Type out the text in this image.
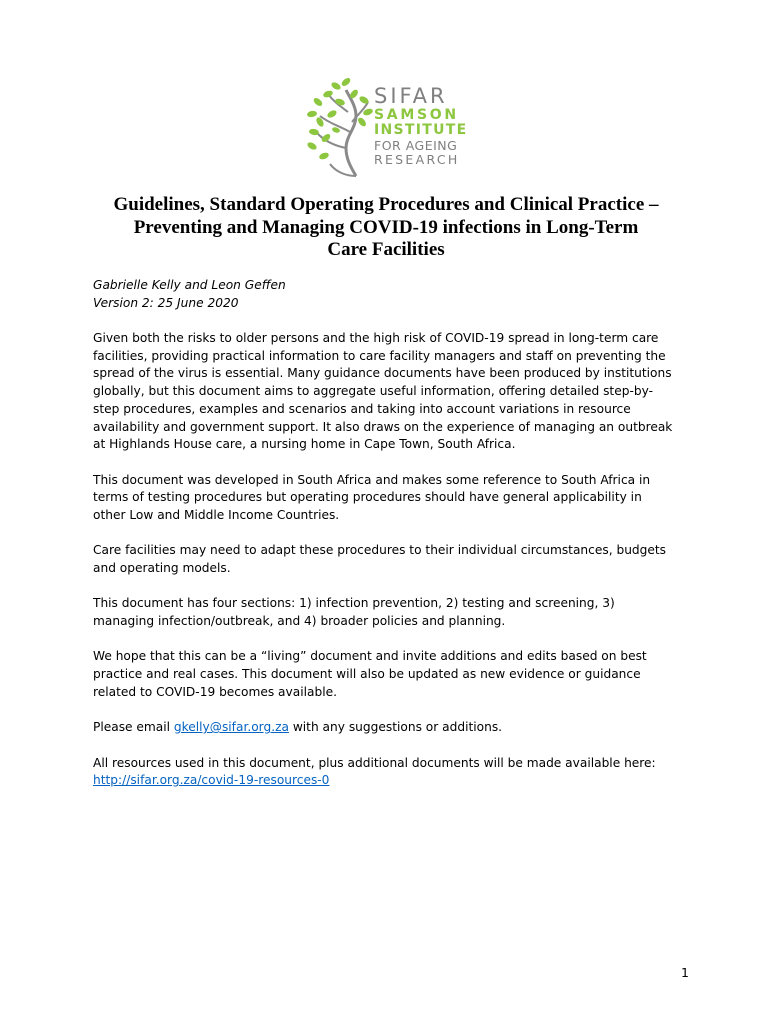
SIFAR
SAMSON
INSTITUTE
FOR AGEING
RESEARCH
Guidelines, Standard Operating Procedures and Clinical Practice –
Preventing and Managing COVID-19 infections in Long-Term
Care Facilities
Gabrielle Kelly and Leon Geffen
Version 2: 25 June 2020
Given both the risks to older persons and the high risk of COVID-19 spread in long-term care
facilities, providing practical information to care facility managers and staff on preventing the
spread of the virus is essential. Many guidance documents have been produced by institutions
globally, but this document aims to aggregate useful information, offering detailed step-by-
step procedures, examples and scenarios and taking into account variations in resource
availability and government support. It also draws on the experience of managing an outbreak
at Highlands House care, a nursing home in Cape Town, South Africa.
This document was developed in South Africa and makes some reference to South Africa in
terms of testing procedures but operating procedures should have general applicability in
other Low and Middle Income Countries.
Care facilities may need to adapt these procedures to their individual circumstances, budgets
and operating models.
This document has four sections: 1) infection prevention, 2) testing and screening, 3)
managing infection/outbreak, and 4) broader policies and planning.
We hope that this can be a “living” document and invite additions and edits based on best
practice and real cases. This document will also be updated as new evidence or guidance
related to COVID-19 becomes available.
Please email gkelly@sifar.org.za with any suggestions or additions.
All resources used in this document, plus additional documents will be made available here:
http://sifar.org.za/covid-19-resources-0
1
